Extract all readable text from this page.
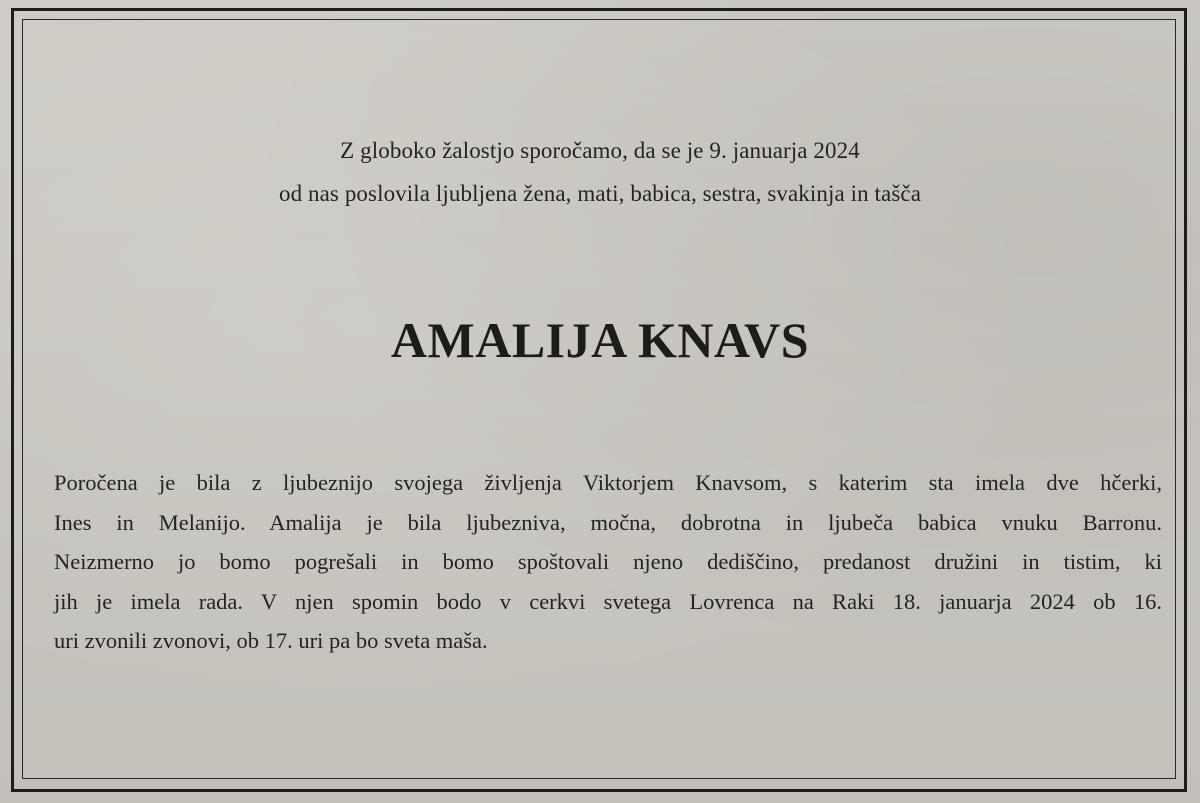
Z globoko žalostjo sporočamo, da se je 9. januarja 2024
od nas poslovila ljubljena žena, mati, babica, sestra, svakinja in tašča
AMALIJA KNAVS
Poročena je bila z ljubeznijo svojega življenja Viktorjem Knavsom, s katerim sta imela dve hčerki,
Ines in Melanijo. Amalija je bila ljubezniva, močna, dobrotna in ljubeča babica vnuku Barronu.
Neizmerno jo bomo pogrešali in bomo spoštovali njeno dediščino, predanost družini in tistim, ki
jih je imela rada. V njen spomin bodo v cerkvi svetega Lovrenca na Raki 18. januarja 2024 ob 16.
uri zvonili zvonovi, ob 17. uri pa bo sveta maša.
